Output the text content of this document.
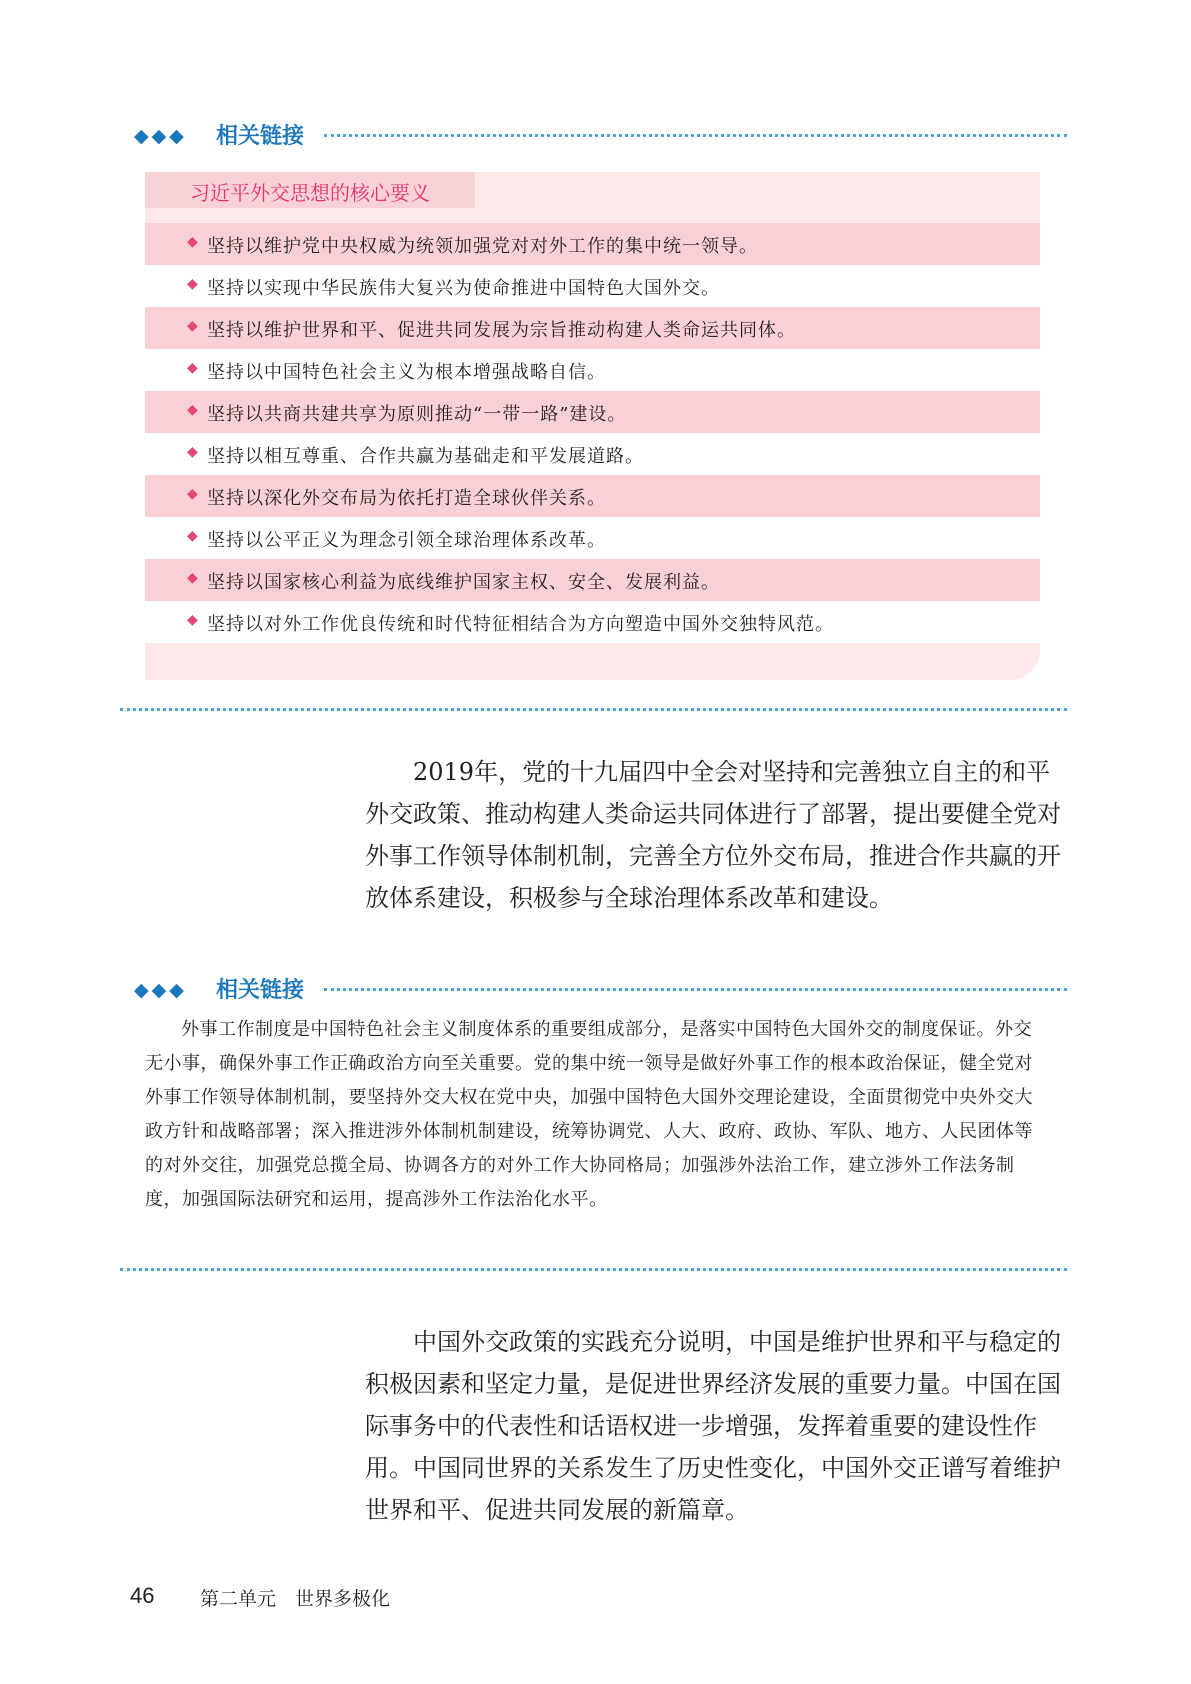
◆◆◆ 相关链接
习近平外交思想的核心要义
◆ 坚持以维护党中央权威为统领加强党对对外工作的集中统一领导。
◆ 坚持以实现中华民族伟大复兴为使命推进中国特色大国外交。
◆ 坚持以维护世界和平、促进共同发展为宗旨推动构建人类命运共同体。
◆ 坚持以中国特色社会主义为根本增强战略自信。
◆ 坚持以共商共建共享为原则推动“一带一路”建设。
◆ 坚持以相互尊重、合作共赢为基础走和平发展道路。
◆ 坚持以深化外交布局为依托打造全球伙伴关系。
◆ 坚持以公平正义为理念引领全球治理体系改革。
◆ 坚持以国家核心利益为底线维护国家主权、安全、发展利益。
◆ 坚持以对外工作优良传统和时代特征相结合为方向塑造中国外交独特风范。

2019年，党的十九届四中全会对坚持和完善独立自主的和平外交政策、推动构建人类命运共同体进行了部署，提出要健全党对外事工作领导体制机制，完善全方位外交布局，推进合作共赢的开放体系建设，积极参与全球治理体系改革和建设。

◆◆◆ 相关链接

外事工作制度是中国特色社会主义制度体系的重要组成部分，是落实中国特色大国外交的制度保证。外交无小事，确保外事工作正确政治方向至关重要。党的集中统一领导是做好外事工作的根本政治保证，健全党对外事工作领导体制机制，要坚持外交大权在党中央，加强中国特色大国外交理论建设，全面贯彻党中央外交大政方针和战略部署；深入推进涉外体制机制建设，统筹协调党、人大、政府、政协、军队、地方、人民团体等的对外交往，加强党总揽全局、协调各方的对外工作大协同格局；加强涉外法治工作，建立涉外工作法务制度，加强国际法研究和运用，提高涉外工作法治化水平。

中国外交政策的实践充分说明，中国是维护世界和平与稳定的积极因素和坚定力量，是促进世界经济发展的重要力量。中国在国际事务中的代表性和话语权进一步增强，发挥着重要的建设性作用。中国同世界的关系发生了历史性变化，中国外交正谱写着维护世界和平、促进共同发展的新篇章。

46 第二单元　世界多极化
